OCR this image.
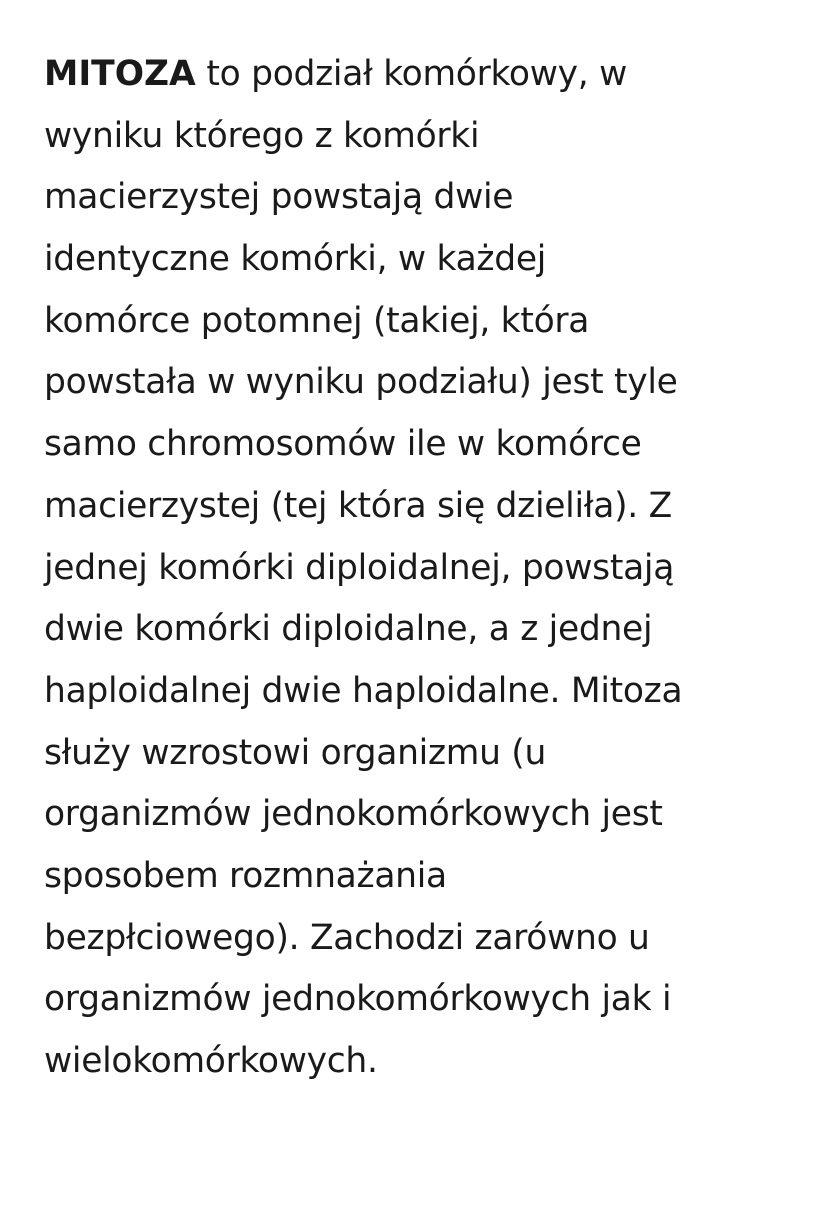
MITOZA to podział komórkowy, w
wyniku którego z komórki
macierzystej powstają dwie
identyczne komórki, w każdej
komórce potomnej (takiej, która
powstała w wyniku podziału) jest tyle
samo chromosomów ile w komórce
macierzystej (tej która się dzieliła). Z
jednej komórki diploidalnej, powstają
dwie komórki diploidalne, a z jednej
haploidalnej dwie haploidalne. Mitoza
służy wzrostowi organizmu (u
organizmów jednokomórkowych jest
sposobem rozmnażania
bezpłciowego). Zachodzi zarówno u
organizmów jednokomórkowych jak i
wielokomórkowych.
